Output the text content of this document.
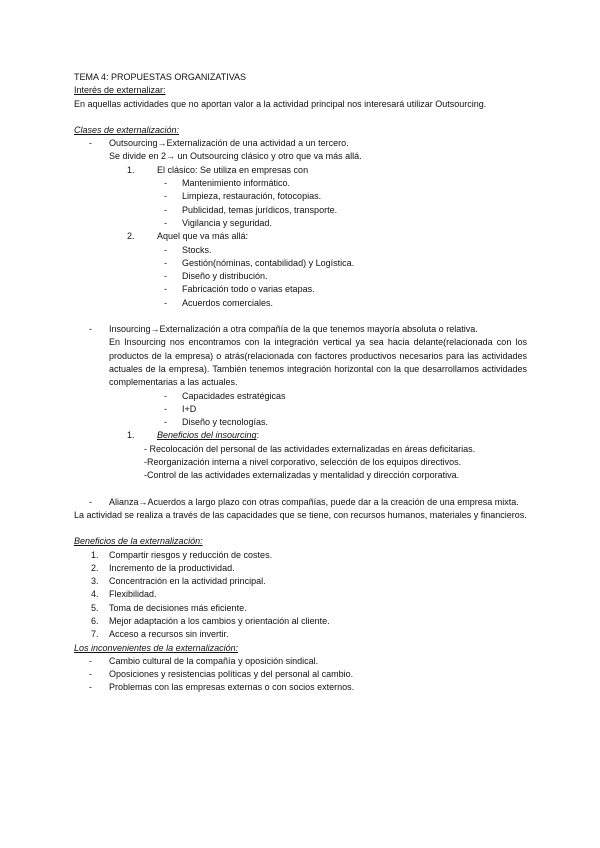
TEMA 4: PROPUESTAS ORGANIZATIVAS
Interés de externalizar:
En aquellas actividades que no aportan valor a la actividad principal nos interesará utilizar Outsourcing.
Clases de externalización:
-	Outsourcing→Externalización de una actividad a un tercero.
Se divide en 2→ un Outsourcing clásico y otro que va más allá.
1.	El clásico: Se utiliza en empresas con
-	Mantenimiento informático.
-	Limpieza, restauración, fotocopias.
-	Publicidad, temas jurídicos, transporte.
-	Vigilancia y seguridad.
2.	Aquel que va más allá:
-	Stocks.
-	Gestión(nóminas, contabilidad) y Logística.
-	Diseño y distribución.
-	Fabricación todo o varias etapas.
-	Acuerdos comerciales.
-	Insourcing→Externalización a otra compañía de la que tenemos mayoría absoluta o relativa.
En Insourcing nos encontramos con la integración vertical ya sea hacia delante(relacionada con los productos de la empresa) o atrás(relacionada con factores productivos necesarios para las actividades actuales de la empresa). También tenemos integración horizontal con la que desarrollamos actividades complementarias a las actuales.
-	Capacidades estratégicas
-	I+D
-	Diseño y tecnologías.
1.	Beneficios del insourcing:
- Recolocación del personal de las actividades externalizadas en áreas deficitarias.
-Reorganización interna a nivel corporativo, selección de los equipos directivos.
-Control de las actividades externalizadas y mentalidad y dirección corporativa.
-	Alianza→Acuerdos a largo plazo con otras compañías, puede dar a la creación de una empresa mixta.
La actividad se realiza a través de las capacidades que se tiene, con recursos humanos, materiales y financieros.
Beneficios de la externalización:
1.	Compartir riesgos y reducción de costes.
2.	Incremento de la productividad.
3.	Concentración en la actividad principal.
4.	Flexibilidad.
5.	Toma de decisiones más eficiente.
6.	Mejor adaptación a los cambios y orientación al cliente.
7.	Acceso a recursos sin invertir.
Los inconvenientes de la externalización:
-	Cambio cultural de la compañía y oposición sindical.
-	Oposiciones y resistencias políticas y del personal al cambio.
-	Problemas con las empresas externas o con socios externos.
